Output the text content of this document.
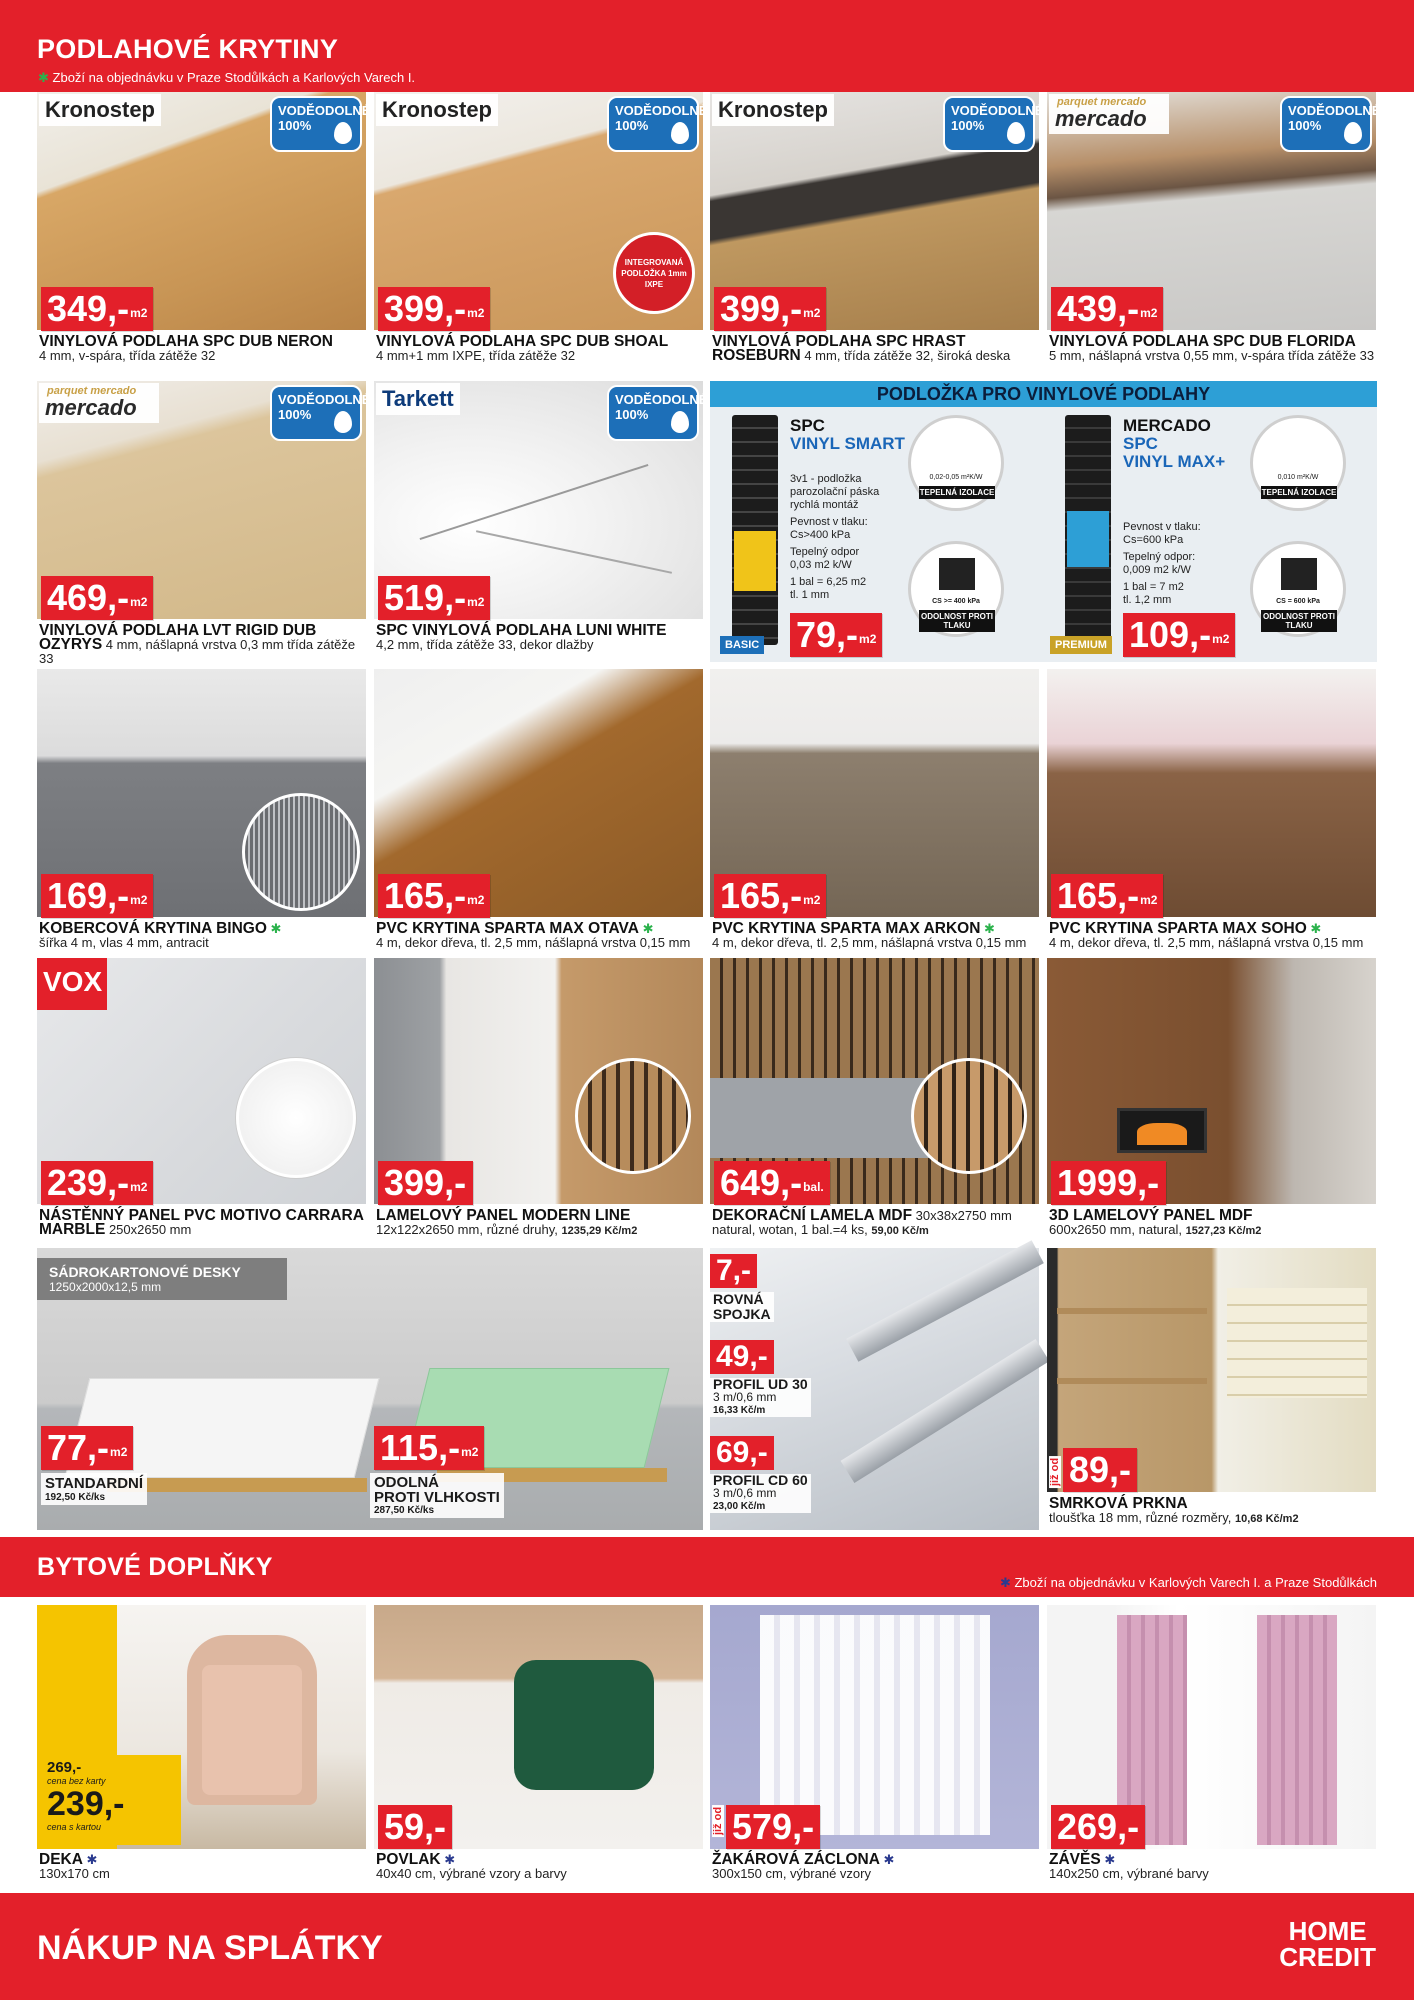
PODLAHOVÉ KRYTINY
✱ Zboží na objednávku v Praze Stodůlkách a Karlových Varech I.
Kronostep	VODĚODOLNÉ
100%
349,-$^{m2}$
VINYLOVÁ PODLAHA SPC DUB NERON
4 mm, v-spára, třída zátěže 32
Kronostep	VODĚODOLNÉ
100%
INTEGROVANÁ PODLOŽKA 1mm IXPE
399,-$^{m2}$
VINYLOVÁ PODLAHA SPC DUB SHOAL
4 mm+1 mm IXPE, třída zátěže 32
Kronostep	VODĚODOLNÉ
100%
399,-$^{m2}$
VINYLOVÁ PODLAHA SPC HRAST ROSEBURN 4 mm, třída zátěže 32, široká deska
parquet mercado
mercado	VODĚODOLNÉ
100%
439,-$^{m2}$
VINYLOVÁ PODLAHA SPC DUB FLORIDA
5 mm, nášlapná vrstva 0,55 mm, v-spára třída zátěže 33
parquet mercado
mercado	VODĚODOLNÉ
100%
469,-$^{m2}$
VINYLOVÁ PODLAHA LVT RIGID DUB OZYRYS 4 mm, nášlapná vrstva 0,3 mm třída zátěže 33
Tarkett	VODĚODOLNÉ
100%
519,-$^{m2}$
SPC VINYLOVÁ PODLAHA LUNI WHITE
4,2 mm, třída zátěže 33, dekor dlažby
PODLOŽKA PRO VINYLOVÉ PODLAHY
BASIC
SPC
VINYL SMART
3v1 - podložka
parozolační páska
rychlá montáž
Pevnost v tlaku:
Cs>400 kPa
Tepelný odpor
0,03 m2 k/W
1 bal = 6,25 m2
tl. 1 mm
0,02-0,05 m²K/W
TEPELNÁ IZOLACE
CS >= 400 kPa
ODOLNOST PROTI TLAKU
79,-$^{m2}$	PREMIUM
MERCADO
SPC
VINYL MAX+
Pevnost v tlaku:
Cs=600 kPa
Tepelný odpor:
0,009 m2 k/W
1 bal = 7 m2
tl. 1,2 mm
0,010 m²K/W
TEPELNÁ IZOLACE
CS = 600 kPa
ODOLNOST PROTI TLAKU
109,-$^{m2}$
169,-$^{m2}$
KOBERCOVÁ KRYTINA BINGO ✱
šířka 4 m, vlas 4 mm, antracit
165,-$^{m2}$
PVC KRYTINA SPARTA MAX OTAVA ✱
4 m, dekor dřeva, tl. 2,5 mm, nášlapná vrstva 0,15 mm
165,-$^{m2}$
PVC KRYTINA SPARTA MAX ARKON ✱
4 m, dekor dřeva, tl. 2,5 mm, nášlapná vrstva 0,15 mm
165,-$^{m2}$
PVC KRYTINA SPARTA MAX SOHO ✱
4 m, dekor dřeva, tl. 2,5 mm, nášlapná vrstva 0,15 mm
VOX
239,-$^{m2}$
NÁSTĚNNÝ PANEL PVC MOTIVO CARRARA MARBLE 250x2650 mm
399,-
LAMELOVÝ PANEL MODERN LINE
12x122x2650 mm, různé druhy, 1235,29 Kč/m2
649,-$^{bal.}$
DEKORAČNÍ LAMELA MDF 30x38x2750 mm
natural, wotan, 1 bal.=4 ks, 59,00 Kč/m
1999,-
3D LAMELOVÝ PANEL MDF
600x2650 mm, natural, 1527,23 Kč/m2
SÁDROKARTONOVÉ DESKY
1250x2000x12,5 mm
77,-$^{m2}$
STANDARDNÍ
192,50 Kč/ks
115,-$^{m2}$
ODOLNÁ
PROTI VLHKOSTI
287,50 Kč/ks
7,-
ROVNÁ
SPOJKA
49,-
PROFIL UD 30
3 m/0,6 mm
16,33 Kč/m
69,-
PROFIL CD 60
3 m/0,6 mm
23,00 Kč/m
již od 89,-
SMRKOVÁ PRKNA
tloušťka 18 mm, různé rozměry, 10,68 Kč/m2
BYTOVÉ DOPLŇKY
✱ Zboží na objednávku v Karlových Varech I. a Praze Stodůlkách
269,-
cena bez karty
239,-
cena s kartou
DEKA ✱
130x170 cm
59,-
POVLAK ✱
40x40 cm, výbrané vzory a barvy
již od 579,-
ŽAKÁROVÁ ZÁCLONA ✱
300x150 cm, výbrané vzory
269,-
ZÁVĚS ✱
140x250 cm, výbrané barvy
NÁKUP NA SPLÁTKY	HOME
CREDIT
